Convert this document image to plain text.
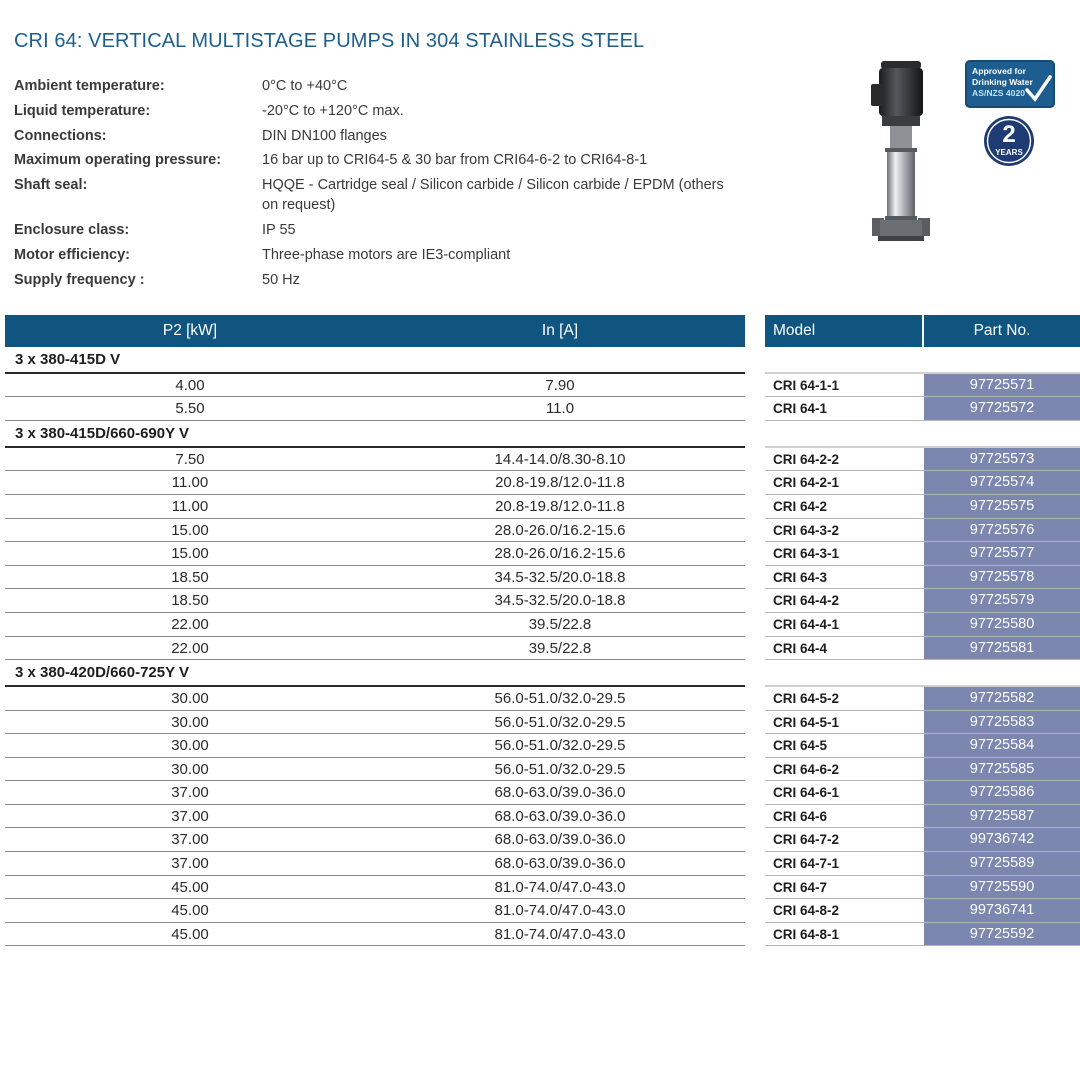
CRI 64: VERTICAL MULTISTAGE PUMPS IN 304 STAINLESS STEEL
Ambient temperature:	0°C to +40°C
Liquid temperature:	-20°C to +120°C max.
Connections:	DIN DN100 flanges
Maximum operating pressure:	16 bar up to CRI64-5 & 30 bar from CRI64-6-2 to CRI64-8-1
Shaft seal:	HQQE - Cartridge seal / Silicon carbide / Silicon carbide / EPDM (others on request)
Enclosure class:	IP 55
Motor efficiency:	Three-phase motors are IE3-compliant
Supply frequency :	50 Hz
Approved for
Drinking Water
AS/NZS 4020
2
YEARS
P2 [kW]	In [A]
3 x 380-415D V
4.00	7.90
5.50	11.0
3 x 380-415D/660-690Y V
7.50	14.4-14.0/8.30-8.10
11.00	20.8-19.8/12.0-11.8
11.00	20.8-19.8/12.0-11.8
15.00	28.0-26.0/16.2-15.6
15.00	28.0-26.0/16.2-15.6
18.50	34.5-32.5/20.0-18.8
18.50	34.5-32.5/20.0-18.8
22.00	39.5/22.8
22.00	39.5/22.8
3 x 380-420D/660-725Y V
30.00	56.0-51.0/32.0-29.5
30.00	56.0-51.0/32.0-29.5
30.00	56.0-51.0/32.0-29.5
30.00	56.0-51.0/32.0-29.5
37.00	68.0-63.0/39.0-36.0
37.00	68.0-63.0/39.0-36.0
37.00	68.0-63.0/39.0-36.0
37.00	68.0-63.0/39.0-36.0
45.00	81.0-74.0/47.0-43.0
45.00	81.0-74.0/47.0-43.0
45.00	81.0-74.0/47.0-43.0
Model	Part No.
CRI 64-1-1	97725571
CRI 64-1	97725572
CRI 64-2-2	97725573
CRI 64-2-1	97725574
CRI 64-2	97725575
CRI 64-3-2	97725576
CRI 64-3-1	97725577
CRI 64-3	97725578
CRI 64-4-2	97725579
CRI 64-4-1	97725580
CRI 64-4	97725581
CRI 64-5-2	97725582
CRI 64-5-1	97725583
CRI 64-5	97725584
CRI 64-6-2	97725585
CRI 64-6-1	97725586
CRI 64-6	97725587
CRI 64-7-2	99736742
CRI 64-7-1	97725589
CRI 64-7	97725590
CRI 64-8-2	99736741
CRI 64-8-1	97725592
